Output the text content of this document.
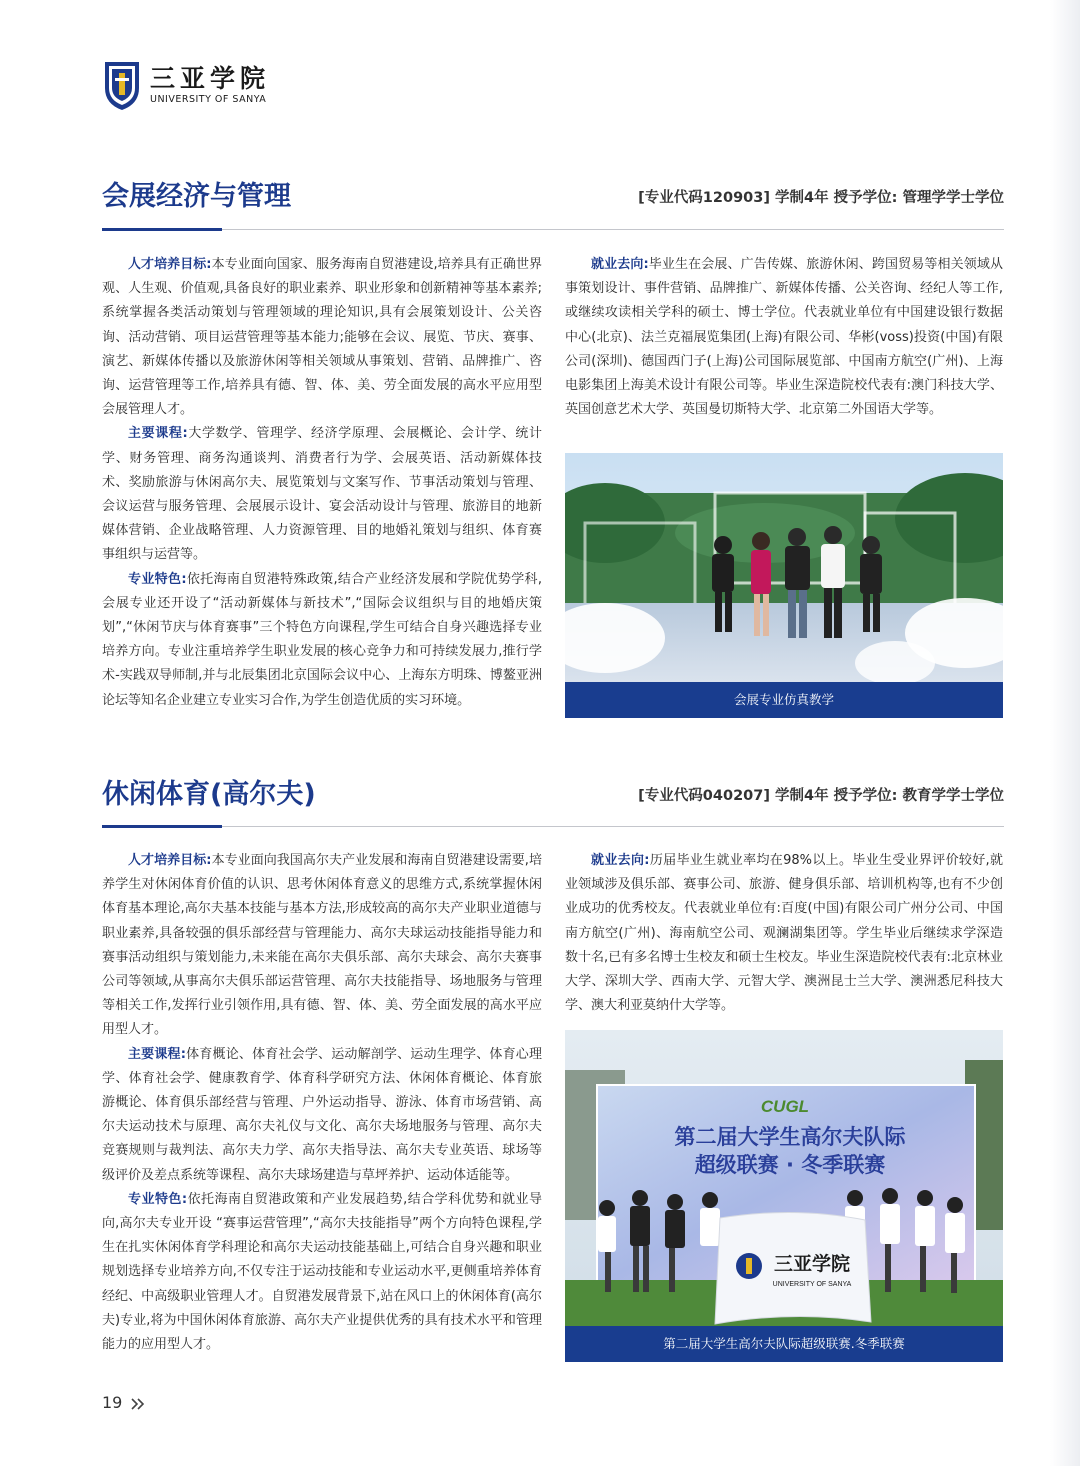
三亚学院
UNIVERSITY OF SANYA
会展经济与管理	[专业代码120903] 学制4年 授予学位: 管理学学士学位

人才培养目标:本专业面向国家、服务海南自贸港建设,培养具有正确世界观、人生观、价值观,具备良好的职业素养、职业形象和创新精神等基本素养;系统掌握各类活动策划与管理领域的理论知识,具有会展策划设计、公关咨询、活动营销、项目运营管理等基本能力;能够在会议、展览、节庆、赛事、演艺、新媒体传播以及旅游休闲等相关领域从事策划、营销、品牌推广、咨询、运营管理等工作,培养具有德、智、体、美、劳全面发展的高水平应用型会展管理人才。

主要课程:大学数学、管理学、经济学原理、会展概论、会计学、统计学、财务管理、商务沟通谈判、消费者行为学、会展英语、活动新媒体技术、奖励旅游与休闲高尔夫、展览策划与文案写作、节事活动策划与管理、会议运营与服务管理、会展展示设计、宴会活动设计与管理、旅游目的地新媒体营销、企业战略管理、人力资源管理、目的地婚礼策划与组织、体育赛事组织与运营等。

专业特色:依托海南自贸港特殊政策,结合产业经济发展和学院优势学科,会展专业还开设了“活动新媒体与新技术”,“国际会议组织与目的地婚庆策划”,“休闲节庆与体育赛事”三个特色方向课程,学生可结合自身兴趣选择专业培养方向。专业注重培养学生职业发展的核心竞争力和可持续发展力,推行学术-实践双导师制,并与北辰集团北京国际会议中心、上海东方明珠、博鳌亚洲论坛等知名企业建立专业实习合作,为学生创造优质的实习环境。

就业去向:毕业生在会展、广告传媒、旅游休闲、跨国贸易等相关领域从事策划设计、事件营销、品牌推广、新媒体传播、公关咨询、经纪人等工作,或继续攻读相关学科的硕士、博士学位。代表就业单位有中国建设银行数据中心(北京)、法兰克福展览集团(上海)有限公司、华彬(voss)投资(中国)有限公司(深圳)、德国西门子(上海)公司国际展览部、中国南方航空(广州)、上海电影集团上海美术设计有限公司等。毕业生深造院校代表有:澳门科技大学、英国创意艺术大学、英国曼切斯特大学、北京第二外国语大学等。

会展专业仿真教学
休闲体育(高尔夫)	[专业代码040207] 学制4年 授予学位: 教育学学士学位

人才培养目标:本专业面向我国高尔夫产业发展和海南自贸港建设需要,培养学生对休闲体育价值的认识、思考休闲体育意义的思维方式,系统掌握休闲体育基本理论,高尔夫基本技能与基本方法,形成较高的高尔夫产业职业道德与职业素养,具备较强的俱乐部经营与管理能力、高尔夫球运动技能指导能力和赛事活动组织与策划能力,未来能在高尔夫俱乐部、高尔夫球会、高尔夫赛事公司等领域,从事高尔夫俱乐部运营管理、高尔夫技能指导、场地服务与管理等相关工作,发挥行业引领作用,具有德、智、体、美、劳全面发展的高水平应用型人才。

主要课程:体育概论、体育社会学、运动解剖学、运动生理学、体育心理学、体育社会学、健康教育学、体育科学研究方法、休闲体育概论、体育旅游概论、体育俱乐部经营与管理、户外运动指导、游泳、体育市场营销、高尔夫运动技术与原理、高尔夫礼仪与文化、高尔夫场地服务与管理、高尔夫竞赛规则与裁判法、高尔夫力学、高尔夫指导法、高尔夫专业英语、球场等级评价及差点系统等课程、高尔夫球场建造与草坪养护、运动体适能等。

专业特色:依托海南自贸港政策和产业发展趋势,结合学科优势和就业导向,高尔夫专业开设 “赛事运营管理”,“高尔夫技能指导”两个方向特色课程,学生在扎实休闲体育学科理论和高尔夫运动技能基础上,可结合自身兴趣和职业规划选择专业培养方向,不仅专注于运动技能和专业运动水平,更侧重培养体育经纪、中高级职业管理人才。自贸港发展背景下,站在风口上的休闲体育(高尔夫)专业,将为中国休闲体育旅游、高尔夫产业提供优秀的具有技术水平和管理能力的应用型人才。

就业去向:历届毕业生就业率均在98%以上。毕业生受业界评价较好,就业领域涉及俱乐部、赛事公司、旅游、健身俱乐部、培训机构等,也有不少创业成功的优秀校友。代表就业单位有:百度(中国)有限公司广州分公司、中国南方航空(广州)、海南航空公司、观澜湖集团等。学生毕业后继续求学深造数十名,已有多名博士生校友和硕士生校友。毕业生深造院校代表有:北京林业大学、深圳大学、西南大学、元智大学、澳洲昆士兰大学、澳洲悉尼科技大学、澳大利亚莫纳什大学等。

CUGL
第二届大学生高尔夫队际
超级联赛 · 冬季联赛
三亚学院
UNIVERSITY OF SANYA
第二届大学生高尔夫队际超级联赛.冬季联赛
19
